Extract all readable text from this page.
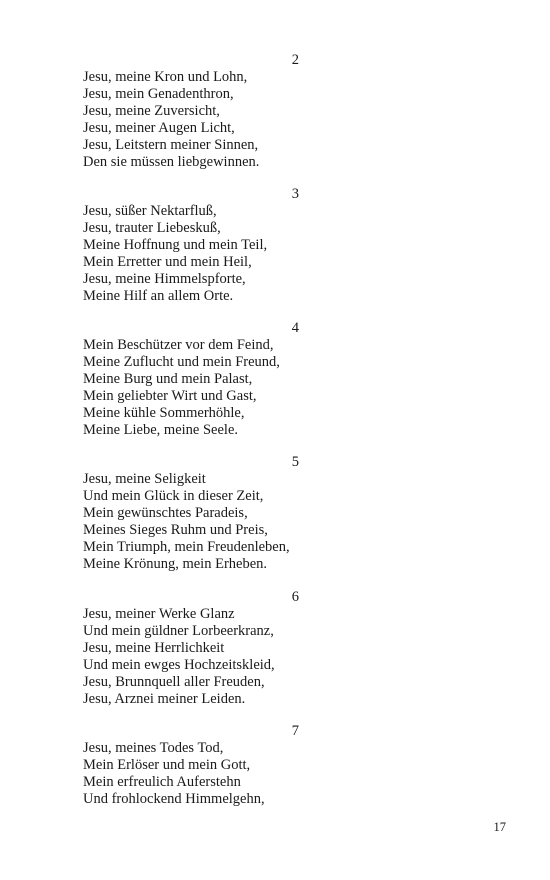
2
Jesu, meine Kron und Lohn,
Jesu, mein Genadenthron,
Jesu, meine Zuversicht,
Jesu, meiner Augen Licht,
Jesu, Leitstern meiner Sinnen,
Den sie müssen liebgewinnen.
3
Jesu, süßer Nektarfluß,
Jesu, trauter Liebeskuß,
Meine Hoffnung und mein Teil,
Mein Erretter und mein Heil,
Jesu, meine Himmelspforte,
Meine Hilf an allem Orte.
4
Mein Beschützer vor dem Feind,
Meine Zuflucht und mein Freund,
Meine Burg und mein Palast,
Mein geliebter Wirt und Gast,
Meine kühle Sommerhöhle,
Meine Liebe, meine Seele.
5
Jesu, meine Seligkeit
Und mein Glück in dieser Zeit,
Mein gewünschtes Paradeis,
Meines Sieges Ruhm und Preis,
Mein Triumph, mein Freudenleben,
Meine Krönung, mein Erheben.
6
Jesu, meiner Werke Glanz
Und mein güldner Lorbeerkranz,
Jesu, meine Herrlichkeit
Und mein ewges Hochzeitskleid,
Jesu, Brunnquell aller Freuden,
Jesu, Arznei meiner Leiden.
7
Jesu, meines Todes Tod,
Mein Erlöser und mein Gott,
Mein erfreulich Auferstehn
Und frohlockend Himmelgehn,
17
